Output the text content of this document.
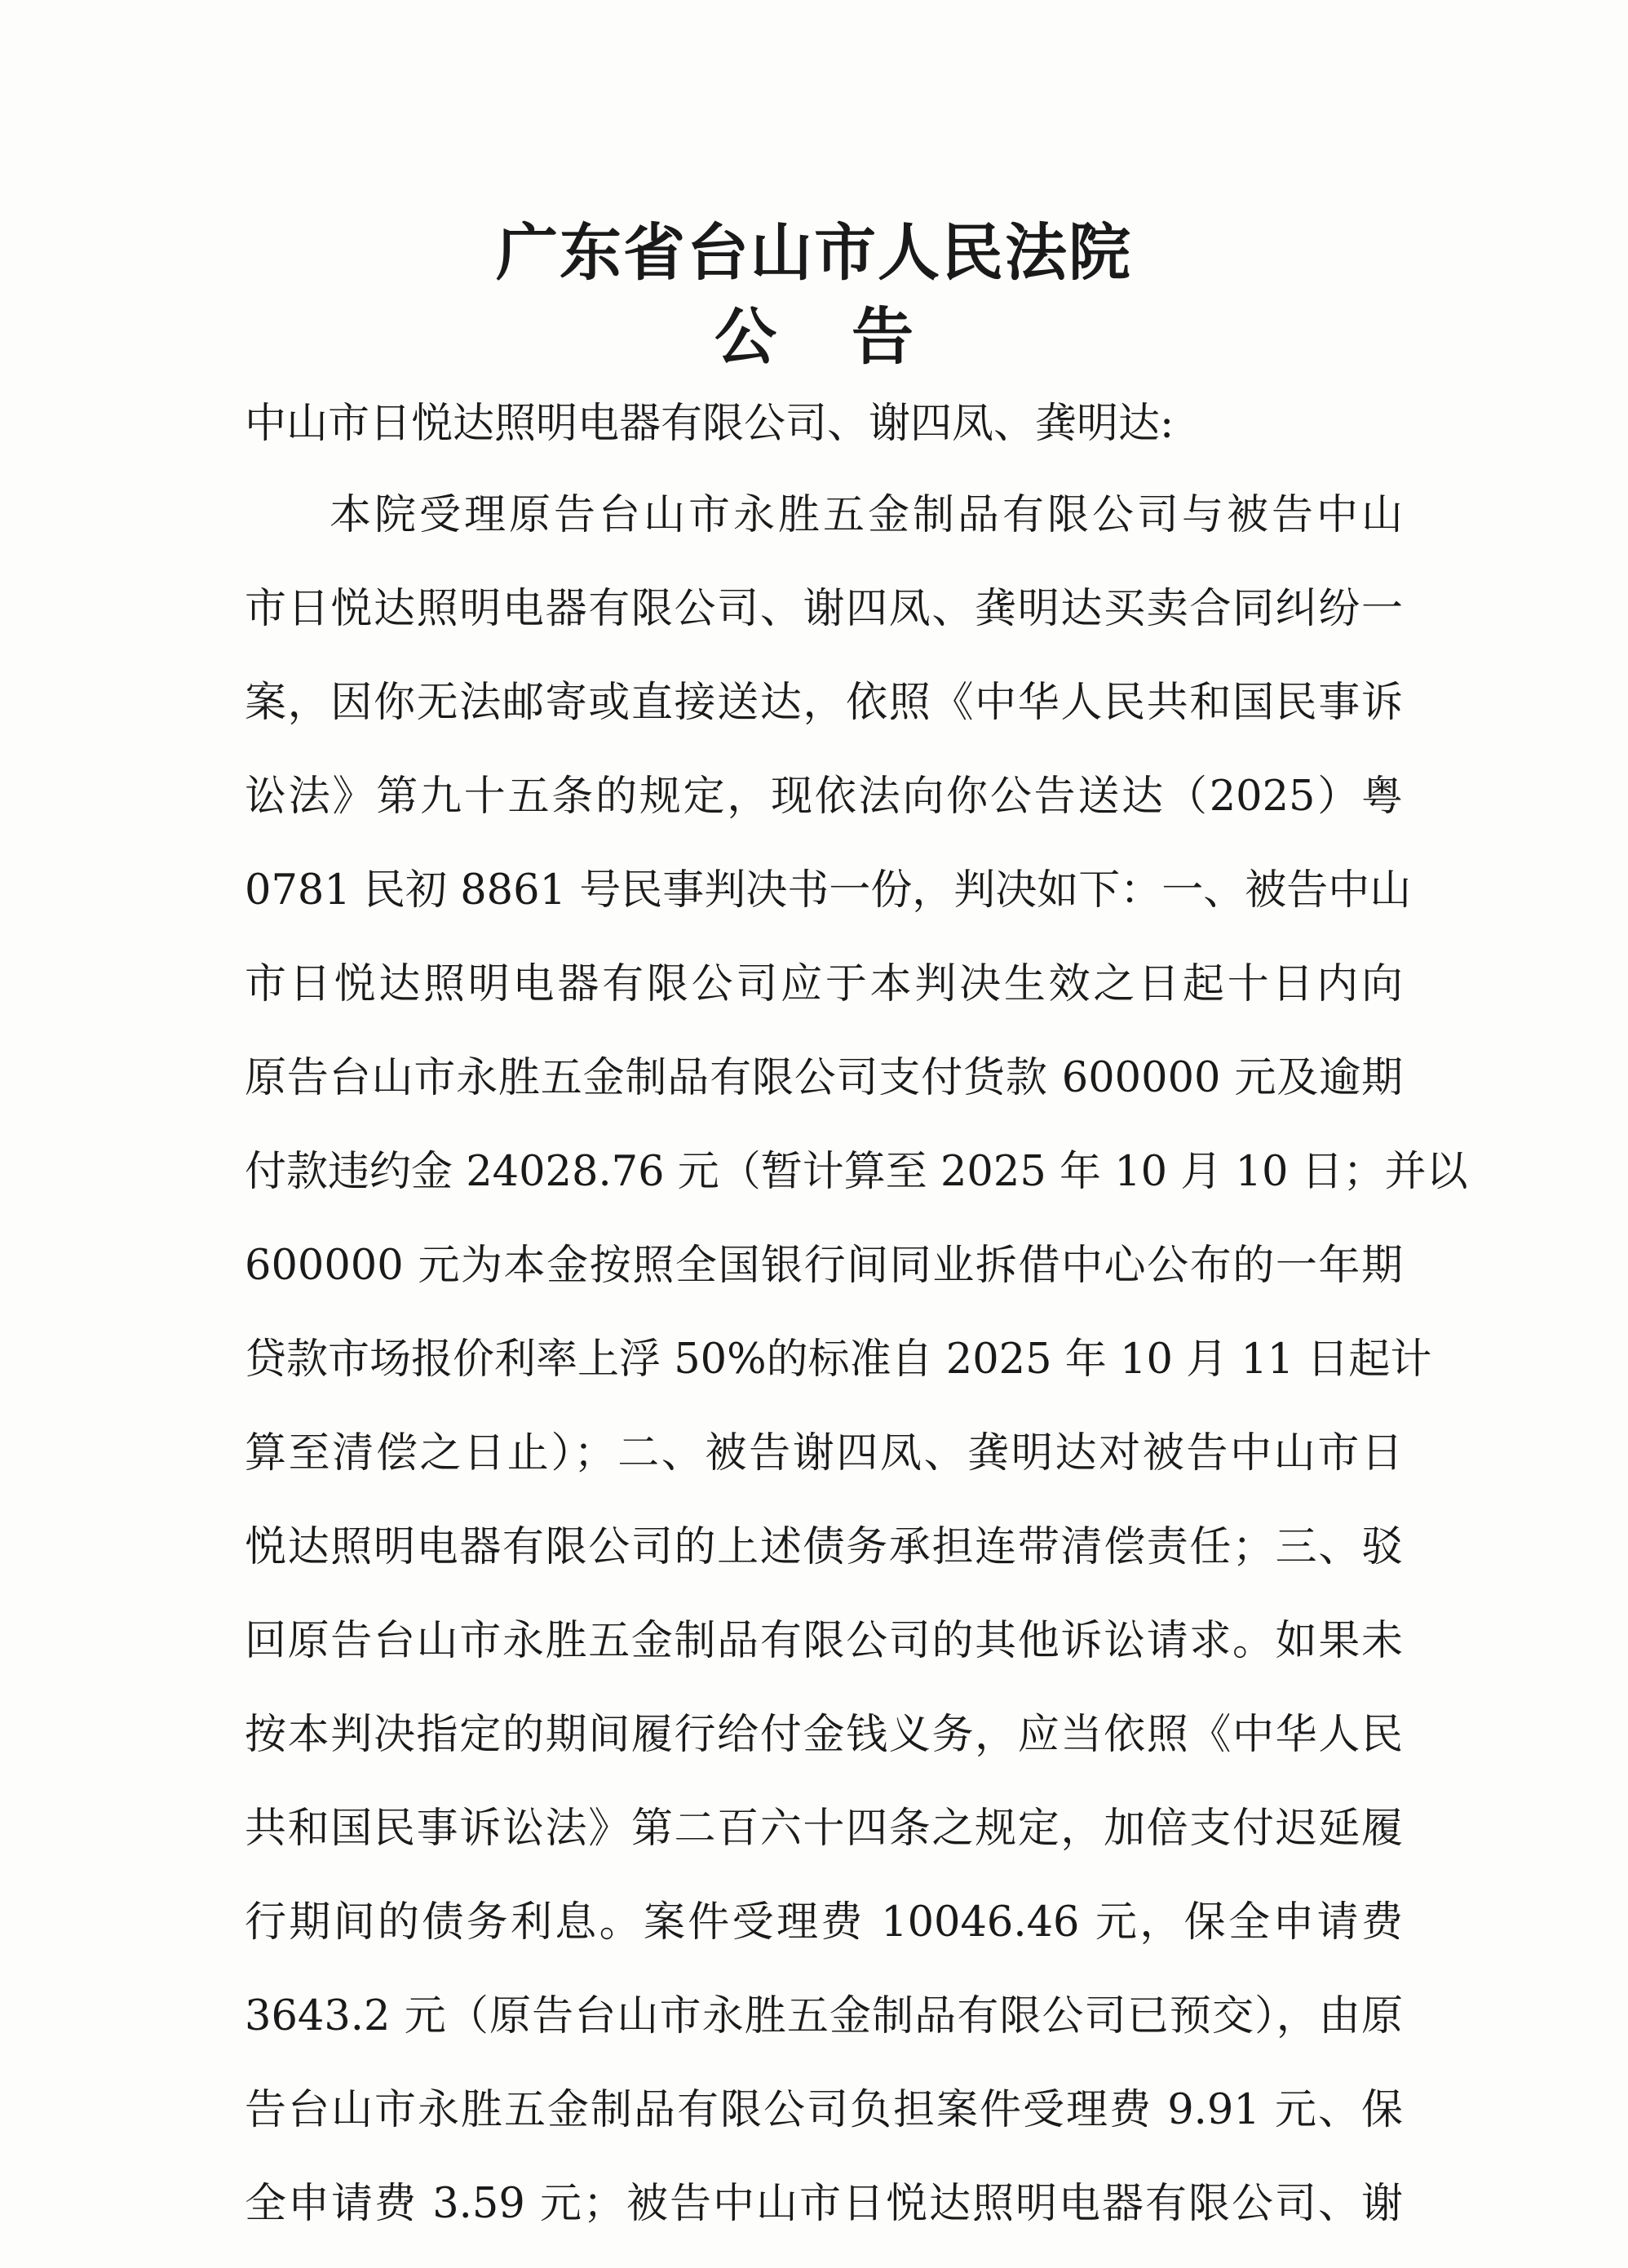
广东省台山市人民法院
公 告

中山市日悦达照明电器有限公司、谢四凤、龚明达:

本院受理原告台山市永胜五金制品有限公司与被告中山
市日悦达照明电器有限公司、谢四凤、龚明达买卖合同纠纷一
案，因你无法邮寄或直接送达，依照《中华人民共和国民事诉
讼法》第九十五条的规定，现依法向你公告送达（2025）粤
0781 民初 8861 号民事判决书一份，判决如下：一、被告中山
市日悦达照明电器有限公司应于本判决生效之日起十日内向
原告台山市永胜五金制品有限公司支付货款 600000 元及逾期
付款违约金 24028.76 元（暂计算至 2025 年 10 月 10 日；并以
600000 元为本金按照全国银行间同业拆借中心公布的一年期
贷款市场报价利率上浮 50%的标准自 2025 年 10 月 11 日起计
算至清偿之日止）；二、被告谢四凤、龚明达对被告中山市日
悦达照明电器有限公司的上述债务承担连带清偿责任；三、驳
回原告台山市永胜五金制品有限公司的其他诉讼请求。如果未
按本判决指定的期间履行给付金钱义务，应当依照《中华人民
共和国民事诉讼法》第二百六十四条之规定，加倍支付迟延履
行期间的债务利息。案件受理费 10046.46 元，保全申请费
3643.2 元（原告台山市永胜五金制品有限公司已预交），由原
告台山市永胜五金制品有限公司负担案件受理费 9.91 元、保
全申请费 3.59 元；被告中山市日悦达照明电器有限公司、谢
